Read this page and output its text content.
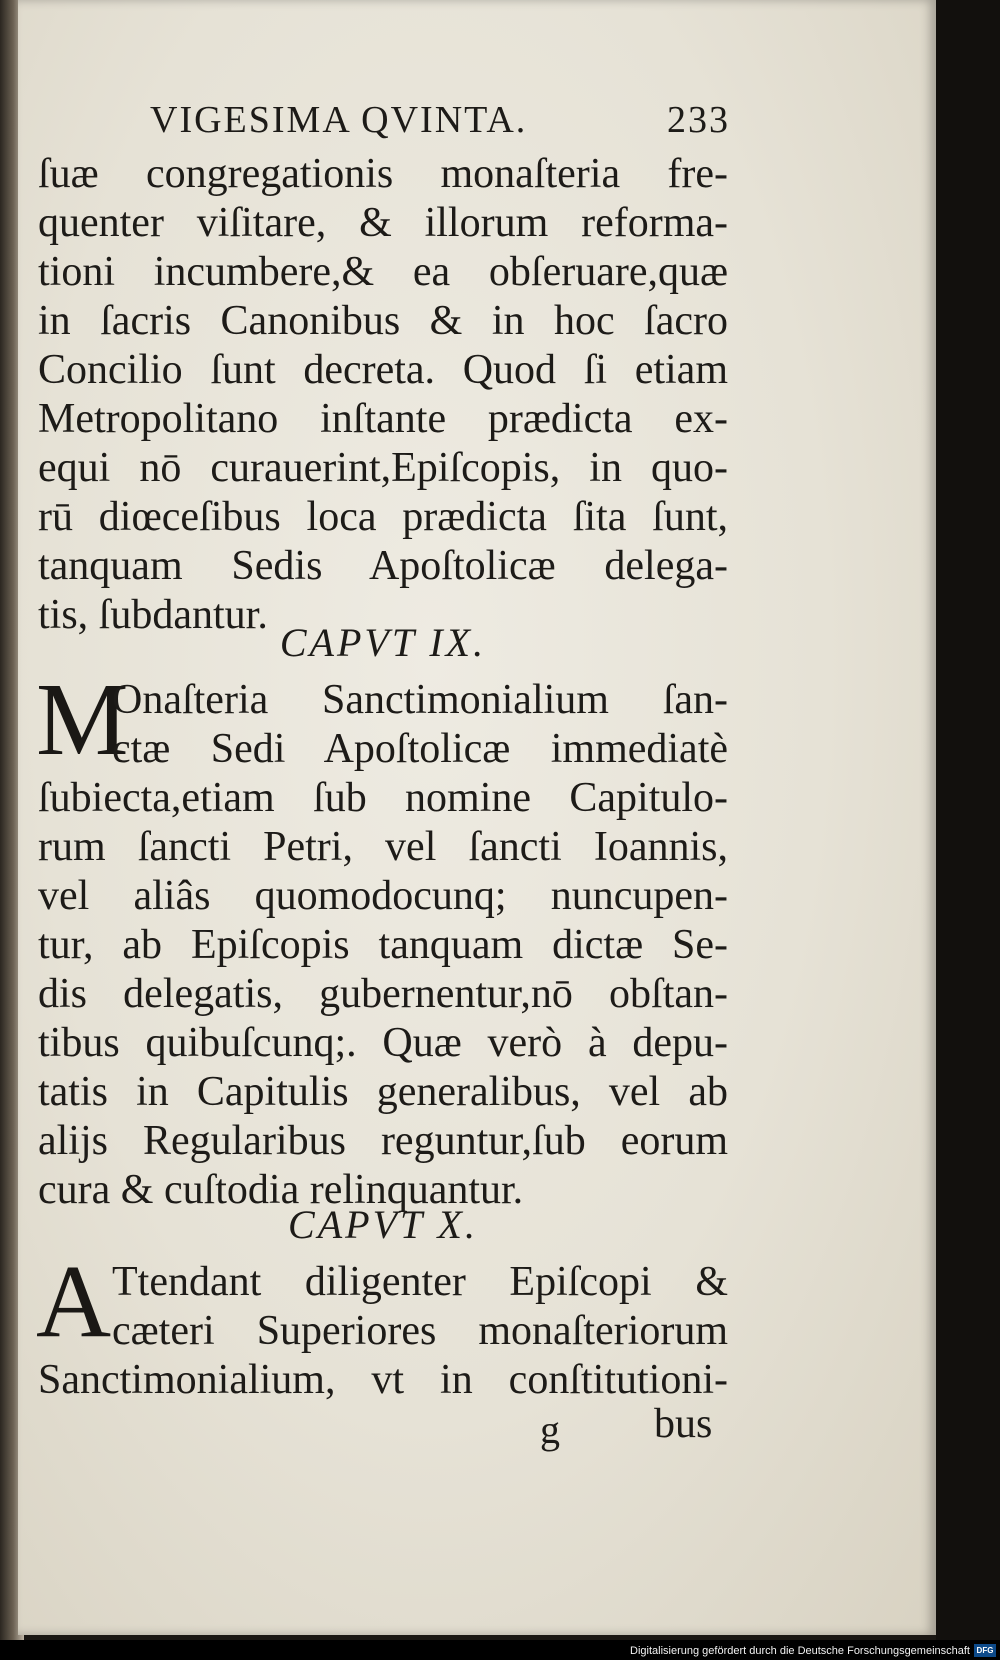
VIGESIMA QVINTA.	233
ſuæ congregationis monaſteria fre-
quenter viſitare, & illorum reforma-
tioni incumbere,& ea obſeruare,quæ
in ſacris Canonibus & in hoc ſacro
Concilio ſunt decreta. Quod ſi etiam
Metropolitano inſtante prædicta ex-
equi nō curauerint,Epiſcopis, in quo-
rū diœceſibus loca prædicta ſita ſunt,
tanquam Sedis Apoſtolicæ delega-
tis, ſubdantur.
CAPVT IX.
M
Onaſteria Sanctimonialium ſan-
ctæ Sedi Apoſtolicæ immediatè
ſubiecta,etiam ſub nomine Capitulo-
rum ſancti Petri, vel ſancti Ioannis,
vel aliâs quomodocunq; nuncupen-
tur, ab Epiſcopis tanquam dictæ Se-
dis delegatis, gubernentur,nō obſtan-
tibus quibuſcunq;. Quæ verò à depu-
tatis in Capitulis generalibus, vel ab
alijs Regularibus reguntur,ſub eorum
cura & cuſtodia relinquantur.
CAPVT X.
A Ttendant diligenter Epiſcopi &
cæteri Superiores monaſteriorum
Sanctimonialium, vt in conſtitutioni-
g bus
Digitalisierung gefördert durch die Deutsche Forschungsgemeinschaft DFG
